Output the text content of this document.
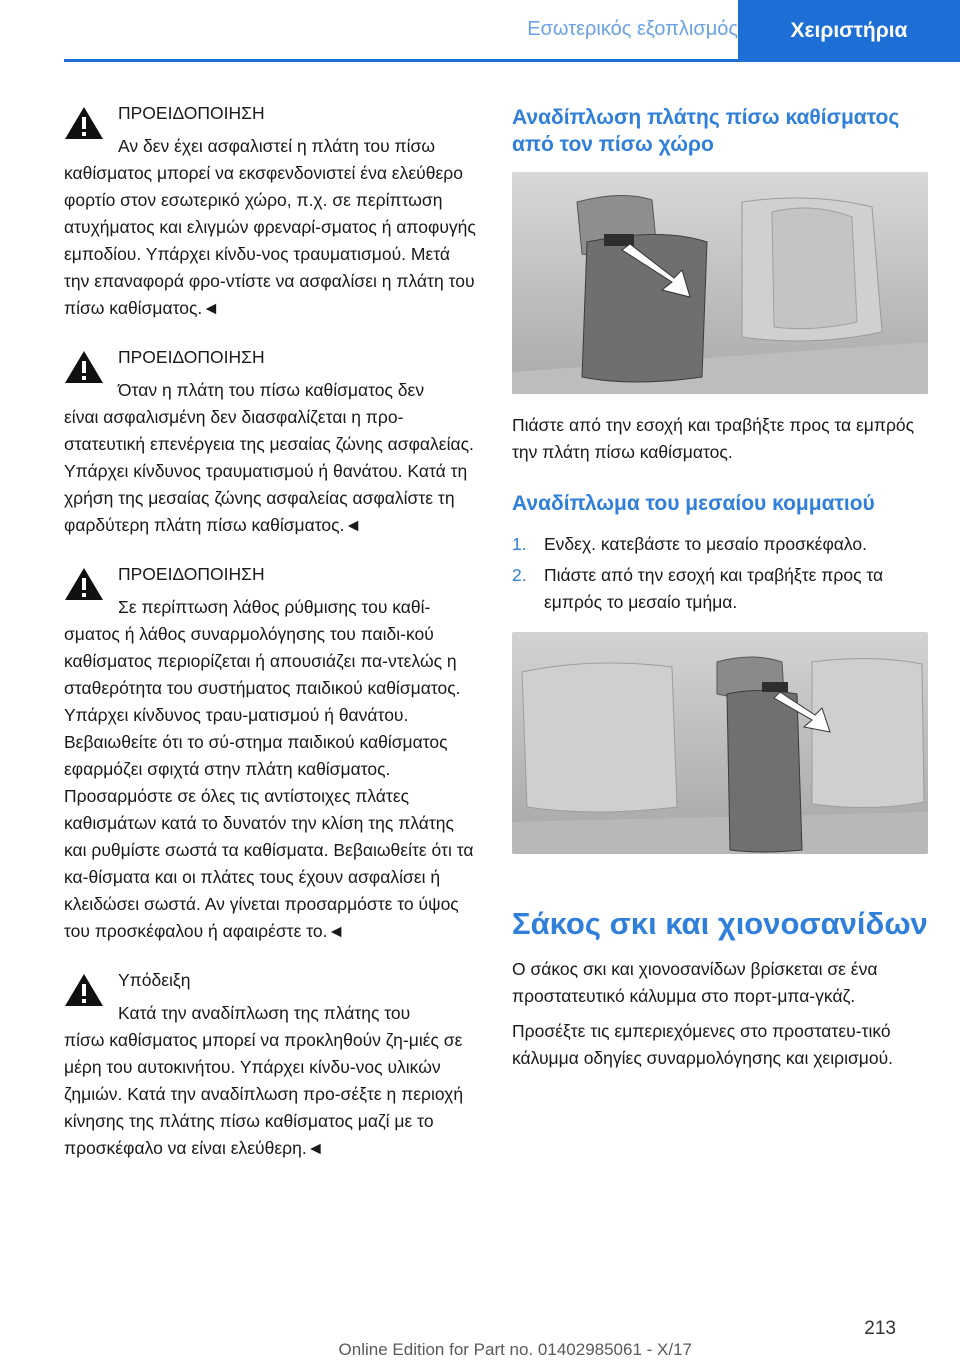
Εσωτερικός εξοπλισμός	Χειριστήρια
ΠΡΟΕΙΔΟΠΟΙΗΣΗ
Αν δεν έχει ασφαλιστεί η πλάτη του πίσω
καθίσματος μπορεί να εκσφενδονιστεί ένα ελεύθερο φορτίο στον εσωτερικό χώρο, π.χ. σε περίπτωση ατυχήματος και ελιγμών φρεναρί-σματος ή αποφυγής εμποδίου. Υπάρχει κίνδυ-νος τραυματισμού. Μετά την επαναφορά φρο-ντίστε να ασφαλίσει η πλάτη του πίσω καθίσματος.◄
ΠΡΟΕΙΔΟΠΟΙΗΣΗ
Όταν η πλάτη του πίσω καθίσματος δεν
είναι ασφαλισμένη δεν διασφαλίζεται η προ-στατευτική επενέργεια της μεσαίας ζώνης ασφαλείας. Υπάρχει κίνδυνος τραυματισμού ή θανάτου. Κατά τη χρήση της μεσαίας ζώνης ασφαλείας ασφαλίστε τη φαρδύτερη πλάτη πίσω καθίσματος.◄
ΠΡΟΕΙΔΟΠΟΙΗΣΗ
Σε περίπτωση λάθος ρύθμισης του καθί-
σματος ή λάθος συναρμολόγησης του παιδι-κού καθίσματος περιορίζεται ή απουσιάζει πα-ντελώς η σταθερότητα του συστήματος παιδικού καθίσματος. Υπάρχει κίνδυνος τραυ-ματισμού ή θανάτου. Βεβαιωθείτε ότι το σύ-στημα παιδικού καθίσματος εφαρμόζει σφιχτά στην πλάτη καθίσματος. Προσαρμόστε σε όλες τις αντίστοιχες πλάτες καθισμάτων κατά το δυνατόν την κλίση της πλάτης και ρυθμίστε σωστά τα καθίσματα. Βεβαιωθείτε ότι τα κα-θίσματα και οι πλάτες τους έχουν ασφαλίσει ή κλειδώσει σωστά. Αν γίνεται προσαρμόστε το ύψος του προσκέφαλου ή αφαιρέστε το.◄
Υπόδειξη
Κατά την αναδίπλωση της πλάτης του
πίσω καθίσματος μπορεί να προκληθούν ζη-μιές σε μέρη του αυτοκινήτου. Υπάρχει κίνδυ-νος υλικών ζημιών. Κατά την αναδίπλωση προ-σέξτε η περιοχή κίνησης της πλάτης πίσω καθίσματος μαζί με το προσκέφαλο να είναι ελεύθερη.◄
Αναδίπλωση πλάτης πίσω καθίσματος από τον πίσω χώρο
Πιάστε από την εσοχή και τραβήξτε προς τα εμπρός την πλάτη πίσω καθίσματος.
Αναδίπλωμα του μεσαίου κομματιού
1. Ενδεχ. κατεβάστε το μεσαίο προσκέφαλο.
2. Πιάστε από την εσοχή και τραβήξτε προς τα εμπρός το μεσαίο τμήμα.
Σάκος σκι και χιονοσανίδων
Ο σάκος σκι και χιονοσανίδων βρίσκεται σε ένα προστατευτικό κάλυμμα στο πορτ-μπα-γκάζ.
Προσέξτε τις εμπεριεχόμενες στο προστατευ-τικό κάλυμμα οδηγίες συναρμολόγησης και χειρισμού.
213
Online Edition for Part no. 01402985061 - X/17
